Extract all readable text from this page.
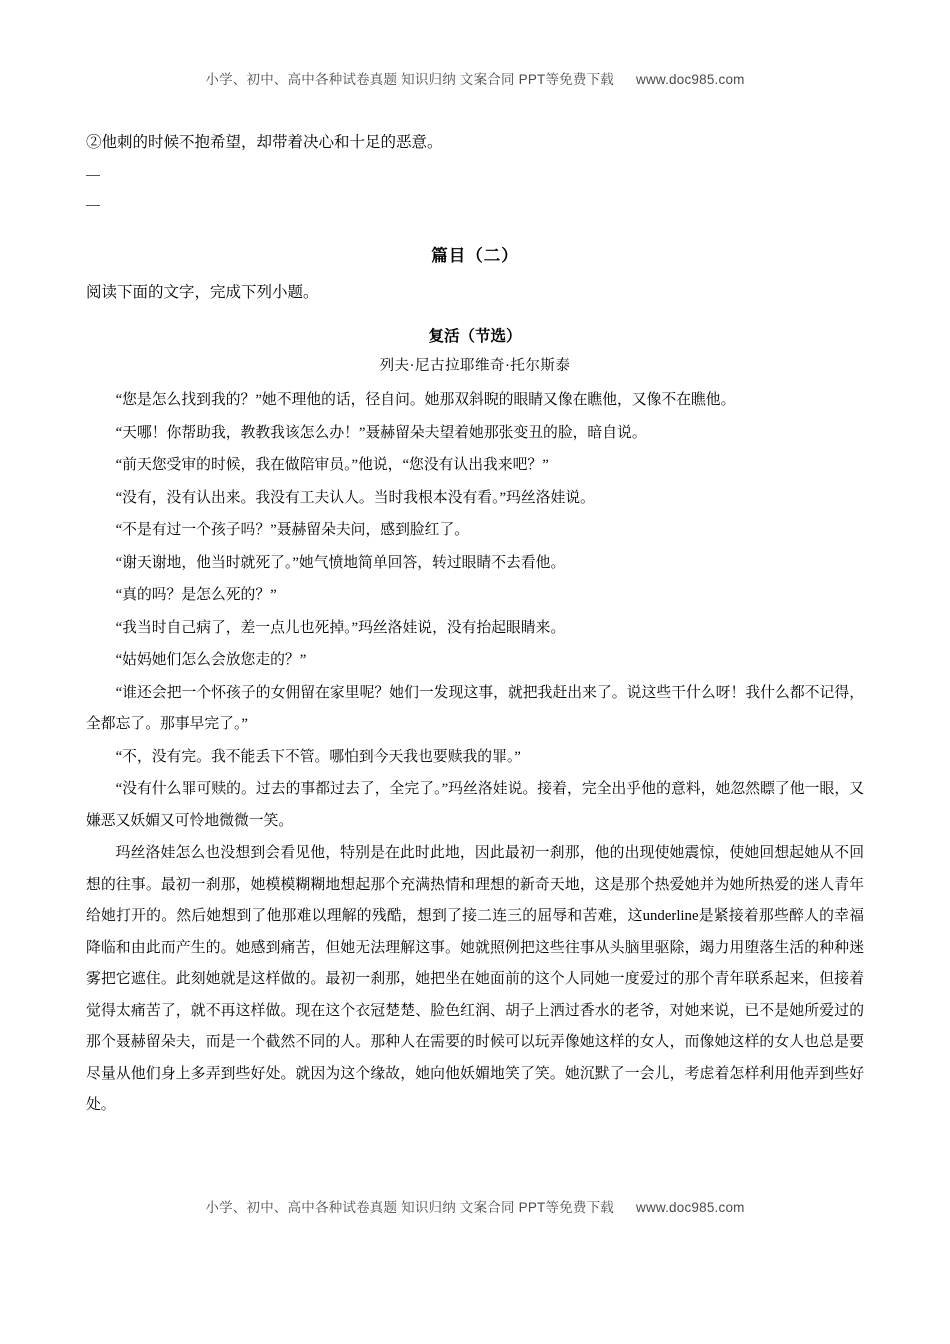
小学、初中、高中各种试卷真题 知识归纳 文案合同 PPT等免费下载 www.doc985.com
②他刺的时候不抱希望，却带着决心和十足的恶意。
篇目（二）
阅读下面的文字，完成下列小题。
复活（节选）
列夫·尼古拉耶维奇·托尔斯泰

“您是怎么找到我的？”她不理他的话，径自问。她那双斜睨的眼睛又像在瞧他，又像不在瞧他。

“天哪！你帮助我，教教我该怎么办！”聂赫留朵夫望着她那张变丑的脸，暗自说。

“前天您受审的时候，我在做陪审员。”他说，“您没有认出我来吧？”

“没有，没有认出来。我没有工夫认人。当时我根本没有看。”玛丝洛娃说。

“不是有过一个孩子吗？”聂赫留朵夫问，感到脸红了。

“谢天谢地，他当时就死了。”她气愤地简单回答，转过眼睛不去看他。

“真的吗？是怎么死的？”

“我当时自己病了，差一点儿也死掉。”玛丝洛娃说，没有抬起眼睛来。

“姑妈她们怎么会放您走的？”

“谁还会把一个怀孩子的女佣留在家里呢？她们一发现这事，就把我赶出来了。说这些干什么呀！我什么都不记得，全都忘了。那事早完了。”

“不，没有完。我不能丢下不管。哪怕到今天我也要赎我的罪。”

“没有什么罪可赎的。过去的事都过去了，全完了。”玛丝洛娃说。接着，完全出乎他的意料，她忽然瞟了他一眼，又嫌恶又妖媚又可怜地微微一笑。

玛丝洛娃怎么也没想到会看见他，特别是在此时此地，因此最初一刹那，他的出现使她震惊，使她回想起她从不回想的往事。最初一刹那，她模模糊糊地想起那个充满热情和理想的新奇天地，这是那个热爱她并为她所热爱的迷人青年给她打开的。然后她想到了他那难以理解的残酷，想到了接二连三的屈辱和苦难，这underline是紧接着那些醉人的幸福降临和由此而产生的。她感到痛苦，但她无法理解这事。她就照例把这些往事从头脑里驱除，竭力用堕落生活的种种迷雾把它遮住。此刻她就是这样做的。最初一刹那，她把坐在她面前的这个人同她一度爱过的那个青年联系起来，但接着觉得太痛苦了，就不再这样做。现在这个衣冠楚楚、脸色红润、胡子上洒过香水的老爷，对她来说，已不是她所爱过的那个聂赫留朵夫，而是一个截然不同的人。那种人在需要的时候可以玩弄像她这样的女人，而像她这样的女人也总是要尽量从他们身上多弄到些好处。就因为这个缘故，她向他妖媚地笑了笑。她沉默了一会儿，考虑着怎样利用他弄到些好处。

小学、初中、高中各种试卷真题 知识归纳 文案合同 PPT等免费下载 www.doc985.com
